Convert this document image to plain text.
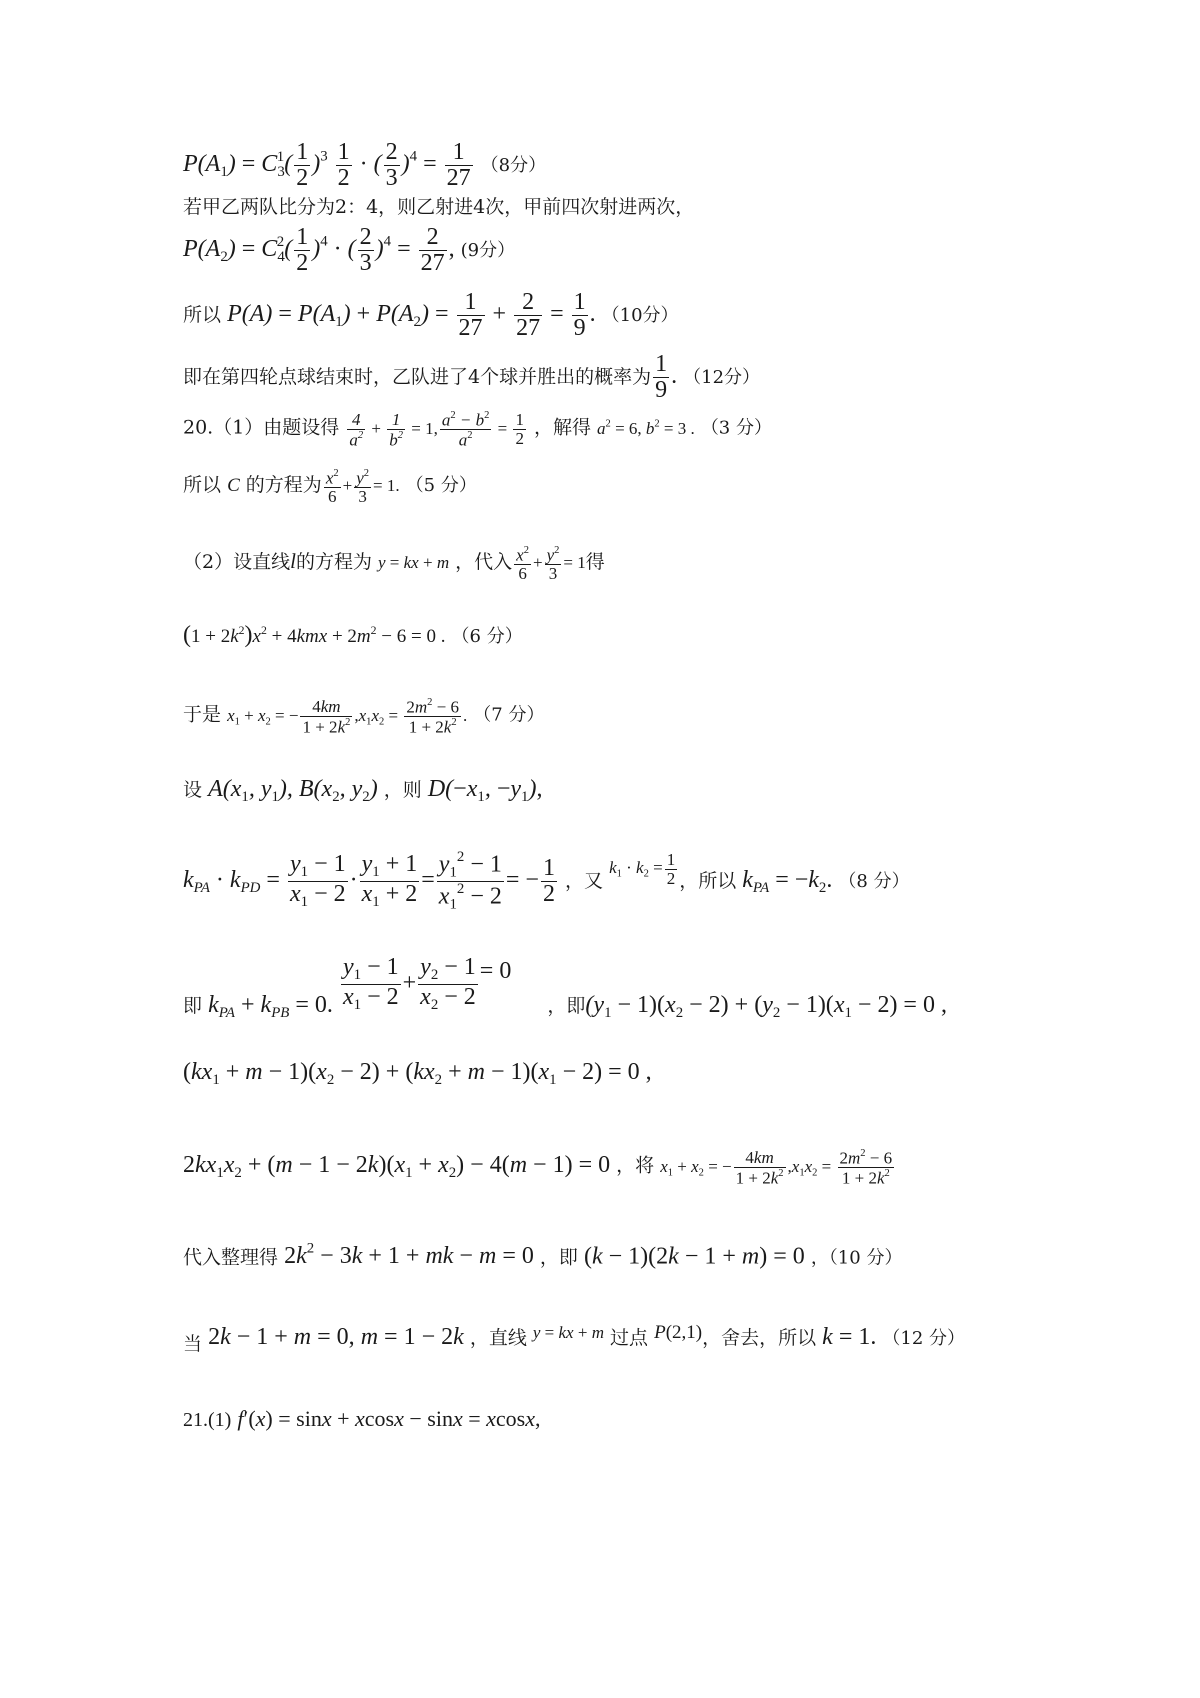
$P(A_1) = C_3^1( \frac{1}{2} )^3 \frac{1}{2}$ · ( $\frac{2}{3} )^4 = \frac{1}{27} (8$分）
若甲乙两队比分为2：4，则乙射进4次，甲前四次射进两次，
$P(A_2) = C_4^2( \frac{1}{2} )^4$ · ( $\frac{2}{3} )^4 = \frac{2}{27}$ , (9分）
所以 $P(A) = P(A_1) + P(A_2) = \frac{1}{27} + \frac{2}{27} = \frac{1}{9}$ . （10分）
即在第四轮点球结束时，乙队进了4个球并胜出的概率为 $\frac{1}{9}$ . （12分）
20.（1）由题设得 $\frac{4}{a^2} + \frac{1}{b^2} = 1$, $\frac{a^2 - b^2}{a^2} = \frac{1}{2}$ ，解得 $a^2 = 6$, $b^2 = 3$ . （3 分）
所以 C 的方程为 $\frac{x^2}{6} + \frac{y^2}{3} = 1$. （5 分）
（2）设直线l的方程为 y = kx + m ，代入 $\frac{x^2}{6} + \frac{y^2}{3} = 1$得
$(1 + 2k^2)x^2 + 4kmx + 2m^2 - 6 = 0$ . （6 分）
于是 $x_1 + x_2$ = − $\frac{4km}{1 + 2k^2} ,x_1x_2 = \frac{2m^2 - 6}{1 + 2k^2}$ . （7 分）
设 $A(x_1$, $y_1$), $B(x_2$, $y_2$) ，则 $D(-x_1$, $-y_1$),
$k_{PA} \cdot k_{PD} = \frac{y_1 - 1}{x_1 - 2} \cdot \frac{y_1 + 1}{x_1 + 2} = \frac{y_1^2 - 1}{x_1^2 - 2}$ = − $\frac{1}{2}$ ，又 $k_1 \cdot k_2 = \frac{1}{2}$ ，所以 $k_{PA} = -k_2$. （8 分）
即 $k_{PA} + k_{PB} = 0$. $\frac{y_1 - 1}{x_1 - 2} + \frac{y_2 - 1}{x_2 - 2} = 0$ ，即$(y_1 - 1)(x_2 - 2) + (y_2 - 1)(x_1 - 2) = 0$ ,
$(kx_1 + m - 1)(x_2 - 2) + (kx_2 + m - 1)(x_1 - 2) = 0$ ,
$2kx_1x_2 + (m - 1 - 2k)(x_1 + x_2) - 4(m - 1) = 0$ ，将 $x_1 + x_2$ = − $\frac{4km}{1 + 2k^2} ,x_1x_2 = \frac{2m^2 - 6}{1 + 2k^2}$
代入整理得 $2k^2 - 3k + 1$ + mk − m = 0 ，即 (k − 1)(2k − 1 + m) = 0 ，（10 分）
当 2k − 1 + m = 0, m = 1 − 2k ，直线 y = kx + m 过点 P(2,1)，舍去，所以 k = 1. （12 分）
21.(1) f′(x) = sinx + xcosx − sinx = xcosx,
